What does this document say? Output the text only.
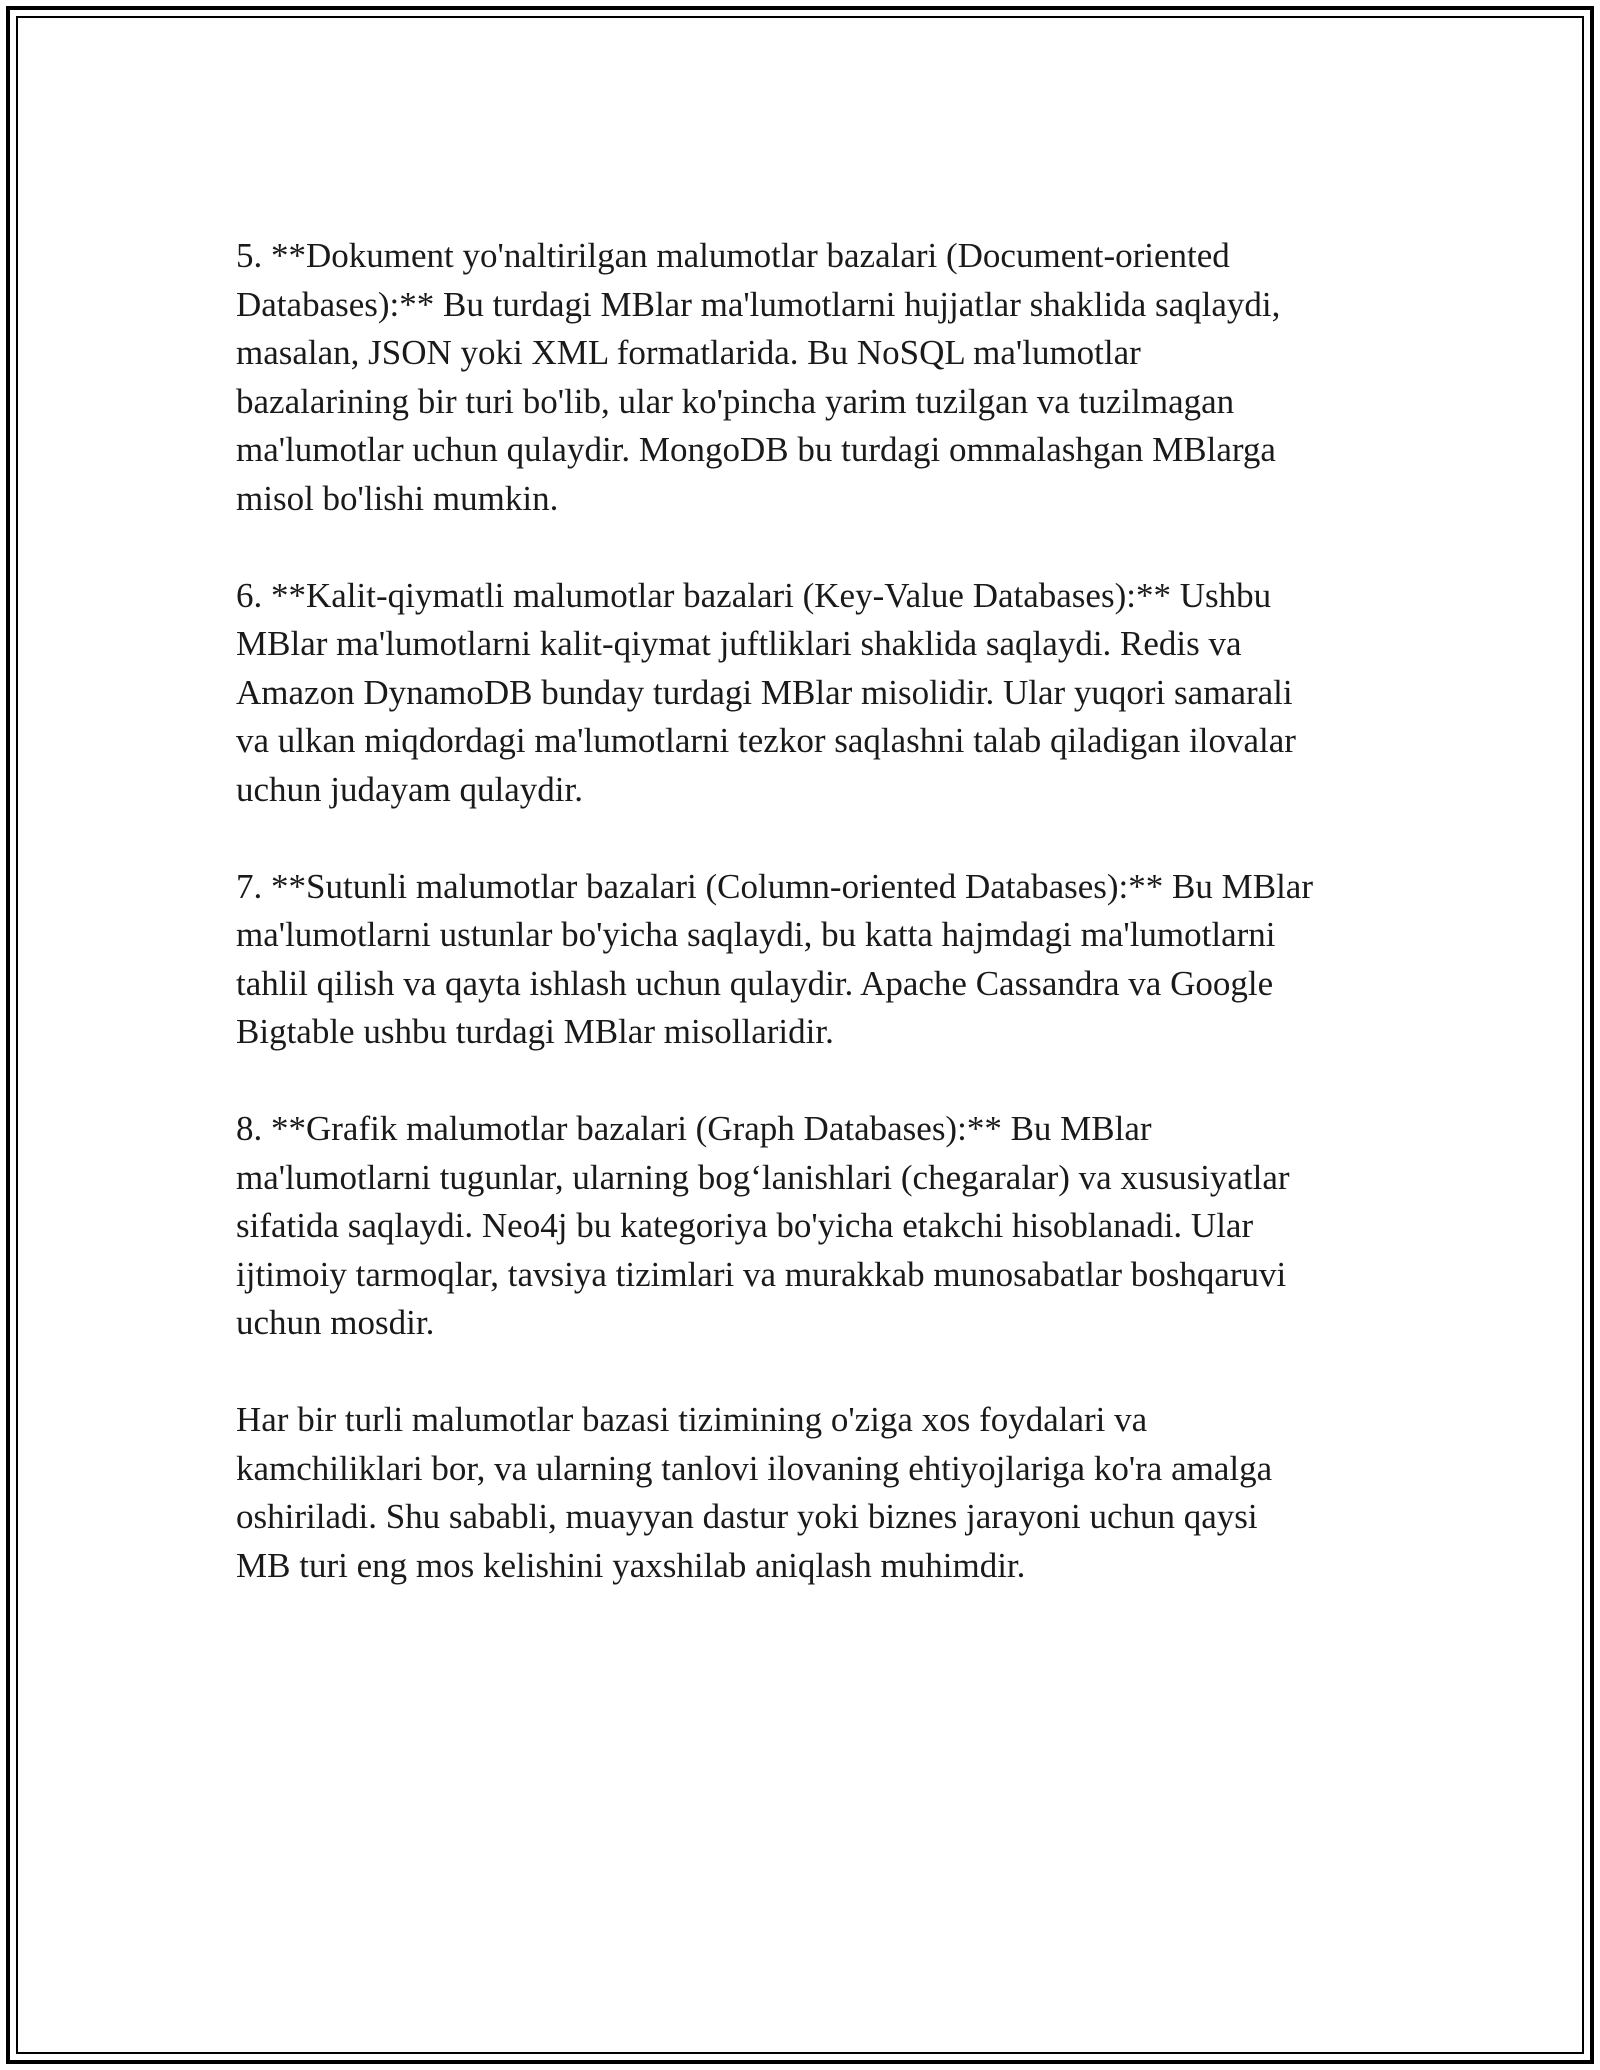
5. **Dokument yo'naltirilgan malumotlar bazalari (Document-oriented
Databases):** Bu turdagi MBlar ma'lumotlarni hujjatlar shaklida saqlaydi,
masalan, JSON yoki XML formatlarida. Bu NoSQL ma'lumotlar
bazalarining bir turi bo'lib, ular ko'pincha yarim tuzilgan va tuzilmagan
ma'lumotlar uchun qulaydir. MongoDB bu turdagi ommalashgan MBlarga
misol bo'lishi mumkin.

6. **Kalit-qiymatli malumotlar bazalari (Key-Value Databases):** Ushbu
MBlar ma'lumotlarni kalit-qiymat juftliklari shaklida saqlaydi. Redis va
Amazon DynamoDB bunday turdagi MBlar misolidir. Ular yuqori samarali
va ulkan miqdordagi ma'lumotlarni tezkor saqlashni talab qiladigan ilovalar
uchun judayam qulaydir.

7. **Sutunli malumotlar bazalari (Column-oriented Databases):** Bu MBlar
ma'lumotlarni ustunlar bo'yicha saqlaydi, bu katta hajmdagi ma'lumotlarni
tahlil qilish va qayta ishlash uchun qulaydir. Apache Cassandra va Google
Bigtable ushbu turdagi MBlar misollaridir.

8. **Grafik malumotlar bazalari (Graph Databases):** Bu MBlar
ma'lumotlarni tugunlar, ularning bog‘lanishlari (chegaralar) va xususiyatlar
sifatida saqlaydi. Neo4j bu kategoriya bo'yicha etakchi hisoblanadi. Ular
ijtimoiy tarmoqlar, tavsiya tizimlari va murakkab munosabatlar boshqaruvi
uchun mosdir.

Har bir turli malumotlar bazasi tizimining o'ziga xos foydalari va
kamchiliklari bor, va ularning tanlovi ilovaning ehtiyojlariga ko'ra amalga
oshiriladi. Shu sababli, muayyan dastur yoki biznes jarayoni uchun qaysi
MB turi eng mos kelishini yaxshilab aniqlash muhimdir.
